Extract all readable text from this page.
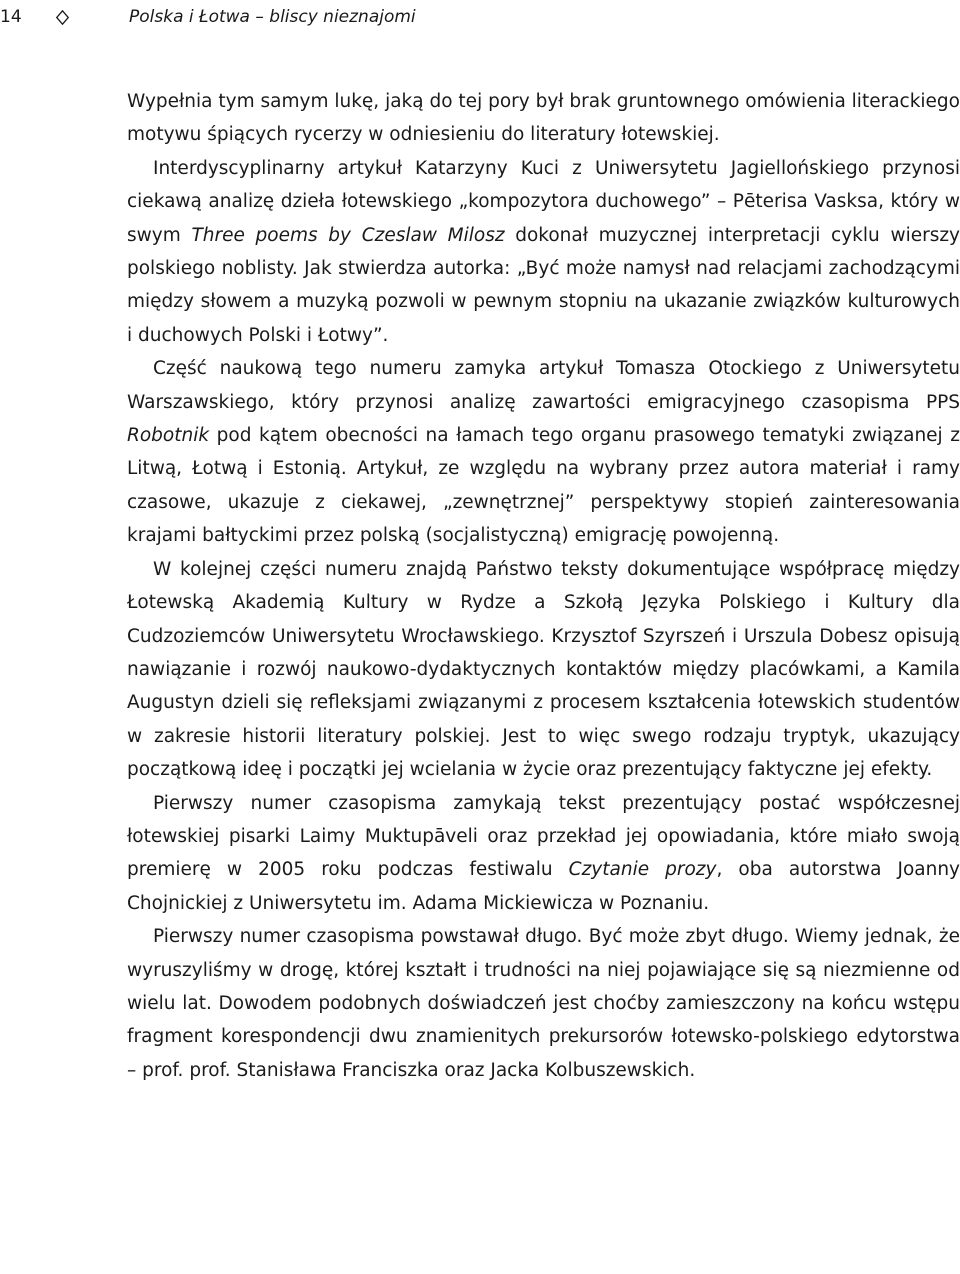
14	Polska i Łotwa – bliscy nieznajomi

Wypełnia tym samym lukę, jaką do tej pory był brak gruntownego omówienia literackiego motywu śpiących rycerzy w odniesieniu do literatury łotewskiej.

Interdyscyplinarny artykuł Katarzyny Kuci z Uniwersytetu Jagiellońskiego przynosi ciekawą analizę dzieła łotewskiego „kompozytora duchowego” – Pēterisa Vasksa, który w swym Three poems by Czeslaw Milosz dokonał muzycznej interpretacji cyklu wierszy polskiego noblisty. Jak stwierdza autorka: „Być może namysł nad relacjami zachodzącymi między słowem a muzyką pozwoli w pewnym stopniu na ukazanie związków kulturowych i duchowych Polski i Łotwy”.

Część naukową tego numeru zamyka artykuł Tomasza Otockiego z Uniwersytetu Warszawskiego, który przynosi analizę zawartości emigracyjnego czasopisma PPS Robotnik pod kątem obecności na łamach tego organu prasowego tematyki związanej z Litwą, Łotwą i Estonią. Artykuł, ze względu na wybrany przez autora materiał i ramy czasowe, ukazuje z ciekawej, „zewnętrznej” perspektywy stopień zainteresowania krajami bałtyckimi przez polską (socjalistyczną) emigrację powojenną.

W kolejnej części numeru znajdą Państwo teksty dokumentujące współpracę między Łotewską Akademią Kultury w Rydze a Szkołą Języka Polskiego i Kultury dla Cudzoziemców Uniwersytetu Wrocławskiego. Krzysztof Szyrszeń i Urszula Dobesz opisują nawiązanie i rozwój naukowo-dydaktycznych kontaktów między placówkami, a Kamila Augustyn dzieli się refleksjami związanymi z procesem kształcenia łotewskich studentów w zakresie historii literatury polskiej. Jest to więc swego rodzaju tryptyk, ukazujący początkową ideę i początki jej wcielania w życie oraz prezentujący faktyczne jej efekty.

Pierwszy numer czasopisma zamykają tekst prezentujący postać współczesnej łotewskiej pisarki Laimy Muktupāveli oraz przekład jej opowiadania, które miało swoją premierę w 2005 roku podczas festiwalu Czytanie prozy, oba autorstwa Joanny Chojnickiej z Uniwersytetu im. Adama Mickiewicza w Poznaniu.

Pierwszy numer czasopisma powstawał długo. Być może zbyt długo. Wiemy jednak, że wyruszyliśmy w drogę, której kształt i trudności na niej pojawiające się są niezmienne od wielu lat. Dowodem podobnych doświadczeń jest choćby zamieszczony na końcu wstępu fragment korespondencji dwu znamienitych prekursorów łotewsko-polskiego edytorstwa – prof. prof. Stanisława Franciszka oraz Jacka Kolbuszewskich.
